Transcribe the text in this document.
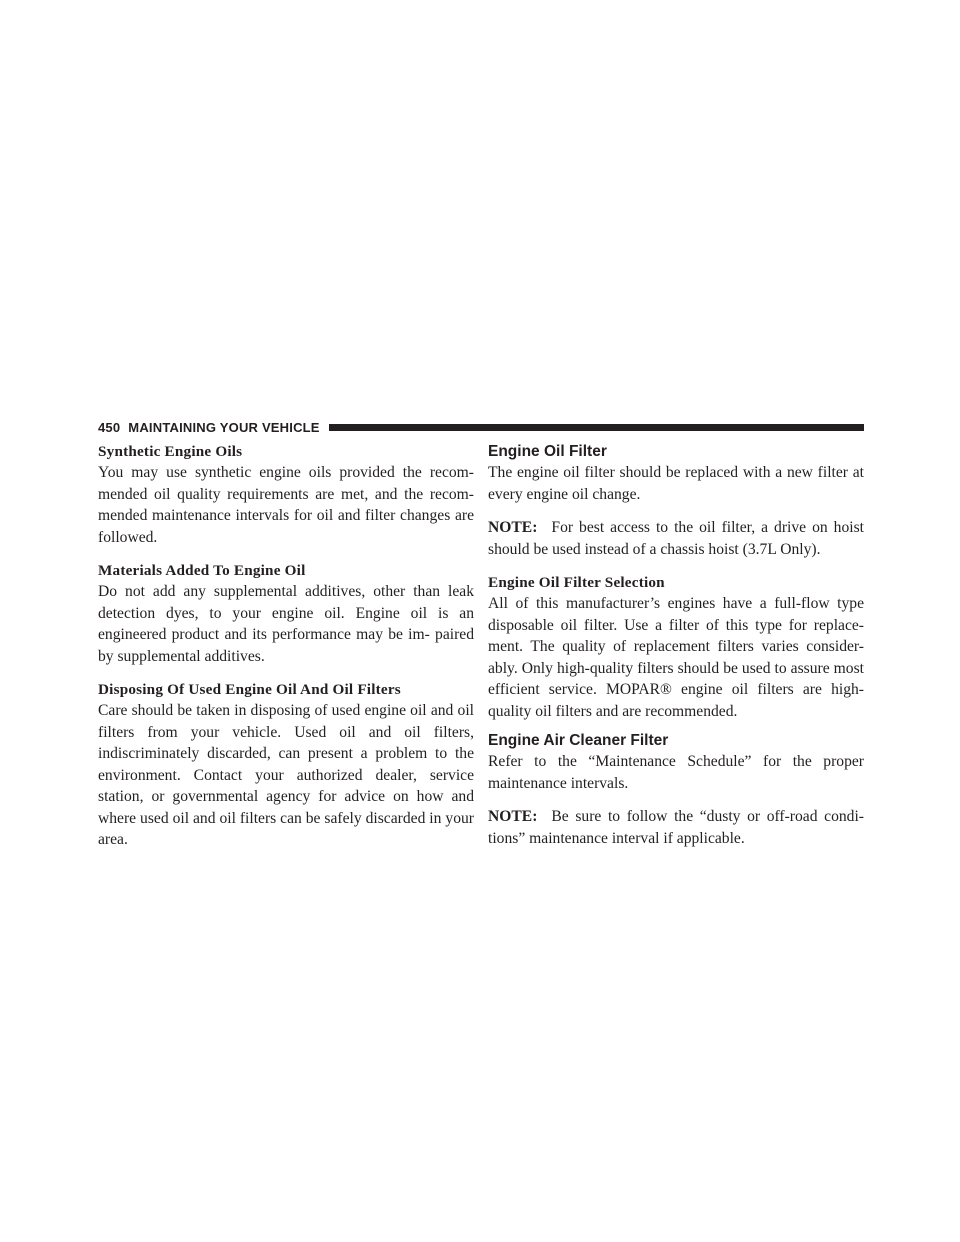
450 MAINTAINING YOUR VEHICLE
Synthetic Engine Oils
You may use synthetic engine oils provided the recom- mended oil quality requirements are met, and the recom- mended maintenance intervals for oil and filter changes are followed.
Materials Added To Engine Oil
Do not add any supplemental additives, other than leak detection dyes, to your engine oil. Engine oil is an engineered product and its performance may be im- paired by supplemental additives.
Disposing Of Used Engine Oil And Oil Filters
Care should be taken in disposing of used engine oil and oil filters from your vehicle. Used oil and oil filters, indiscriminately discarded, can present a problem to the environment. Contact your authorized dealer, service station, or governmental agency for advice on how and where used oil and oil filters can be safely discarded in your area.
Engine Oil Filter
The engine oil filter should be replaced with a new filter at every engine oil change.
NOTE: For best access to the oil filter, a drive on hoist should be used instead of a chassis hoist (3.7L Only).
Engine Oil Filter Selection
All of this manufacturer’s engines have a full-flow type disposable oil filter. Use a filter of this type for replace- ment. The quality of replacement filters varies consider- ably. Only high-quality filters should be used to assure most efficient service. MOPAR® engine oil filters are high-quality oil filters and are recommended.
Engine Air Cleaner Filter
Refer to the “Maintenance Schedule” for the proper maintenance intervals.
NOTE: Be sure to follow the “dusty or off-road condi- tions” maintenance interval if applicable.
